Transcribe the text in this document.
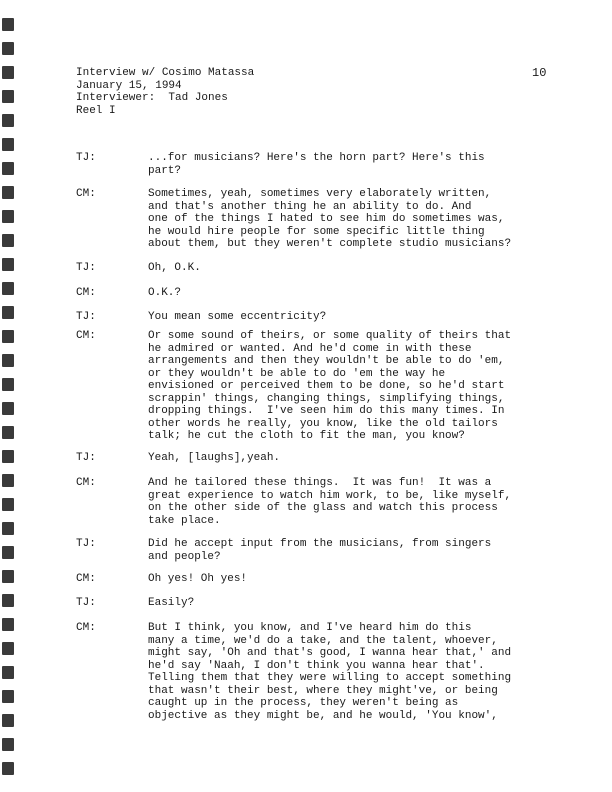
10
Interview w/ Cosimo Matassa
January 15, 1994
Interviewer:  Tad Jones
Reel I
TJ:	...for musicians? Here's the horn part? Here's this
part?
CM:	Sometimes, yeah, sometimes very elaborately written,
and that's another thing he an ability to do. And
one of the things I hated to see him do sometimes was,
he would hire people for some specific little thing
about them, but they weren't complete studio musicians?
TJ:	Oh, O.K.
CM:	O.K.?
TJ:	You mean some eccentricity?
CM:	Or some sound of theirs, or some quality of theirs that
he admired or wanted. And he'd come in with these
arrangements and then they wouldn't be able to do 'em,
or they wouldn't be able to do 'em the way he
envisioned or perceived them to be done, so he'd start
scrappin' things, changing things, simplifying things,
dropping things.  I've seen him do this many times. In
other words he really, you know, like the old tailors
talk; he cut the cloth to fit the man, you know?
TJ:	Yeah, [laughs],yeah.
CM:	And he tailored these things.  It was fun!  It was a
great experience to watch him work, to be, like myself,
on the other side of the glass and watch this process
take place.
TJ:	Did he accept input from the musicians, from singers
and people?
CM:	Oh yes! Oh yes!
TJ:	Easily?
CM:	But I think, you know, and I've heard him do this
many a time, we'd do a take, and the talent, whoever,
might say, 'Oh and that's good, I wanna hear that,' and
he'd say 'Naah, I don't think you wanna hear that'.
Telling them that they were willing to accept something
that wasn't their best, where they might've, or being
caught up in the process, they weren't being as
objective as they might be, and he would, 'You know',
